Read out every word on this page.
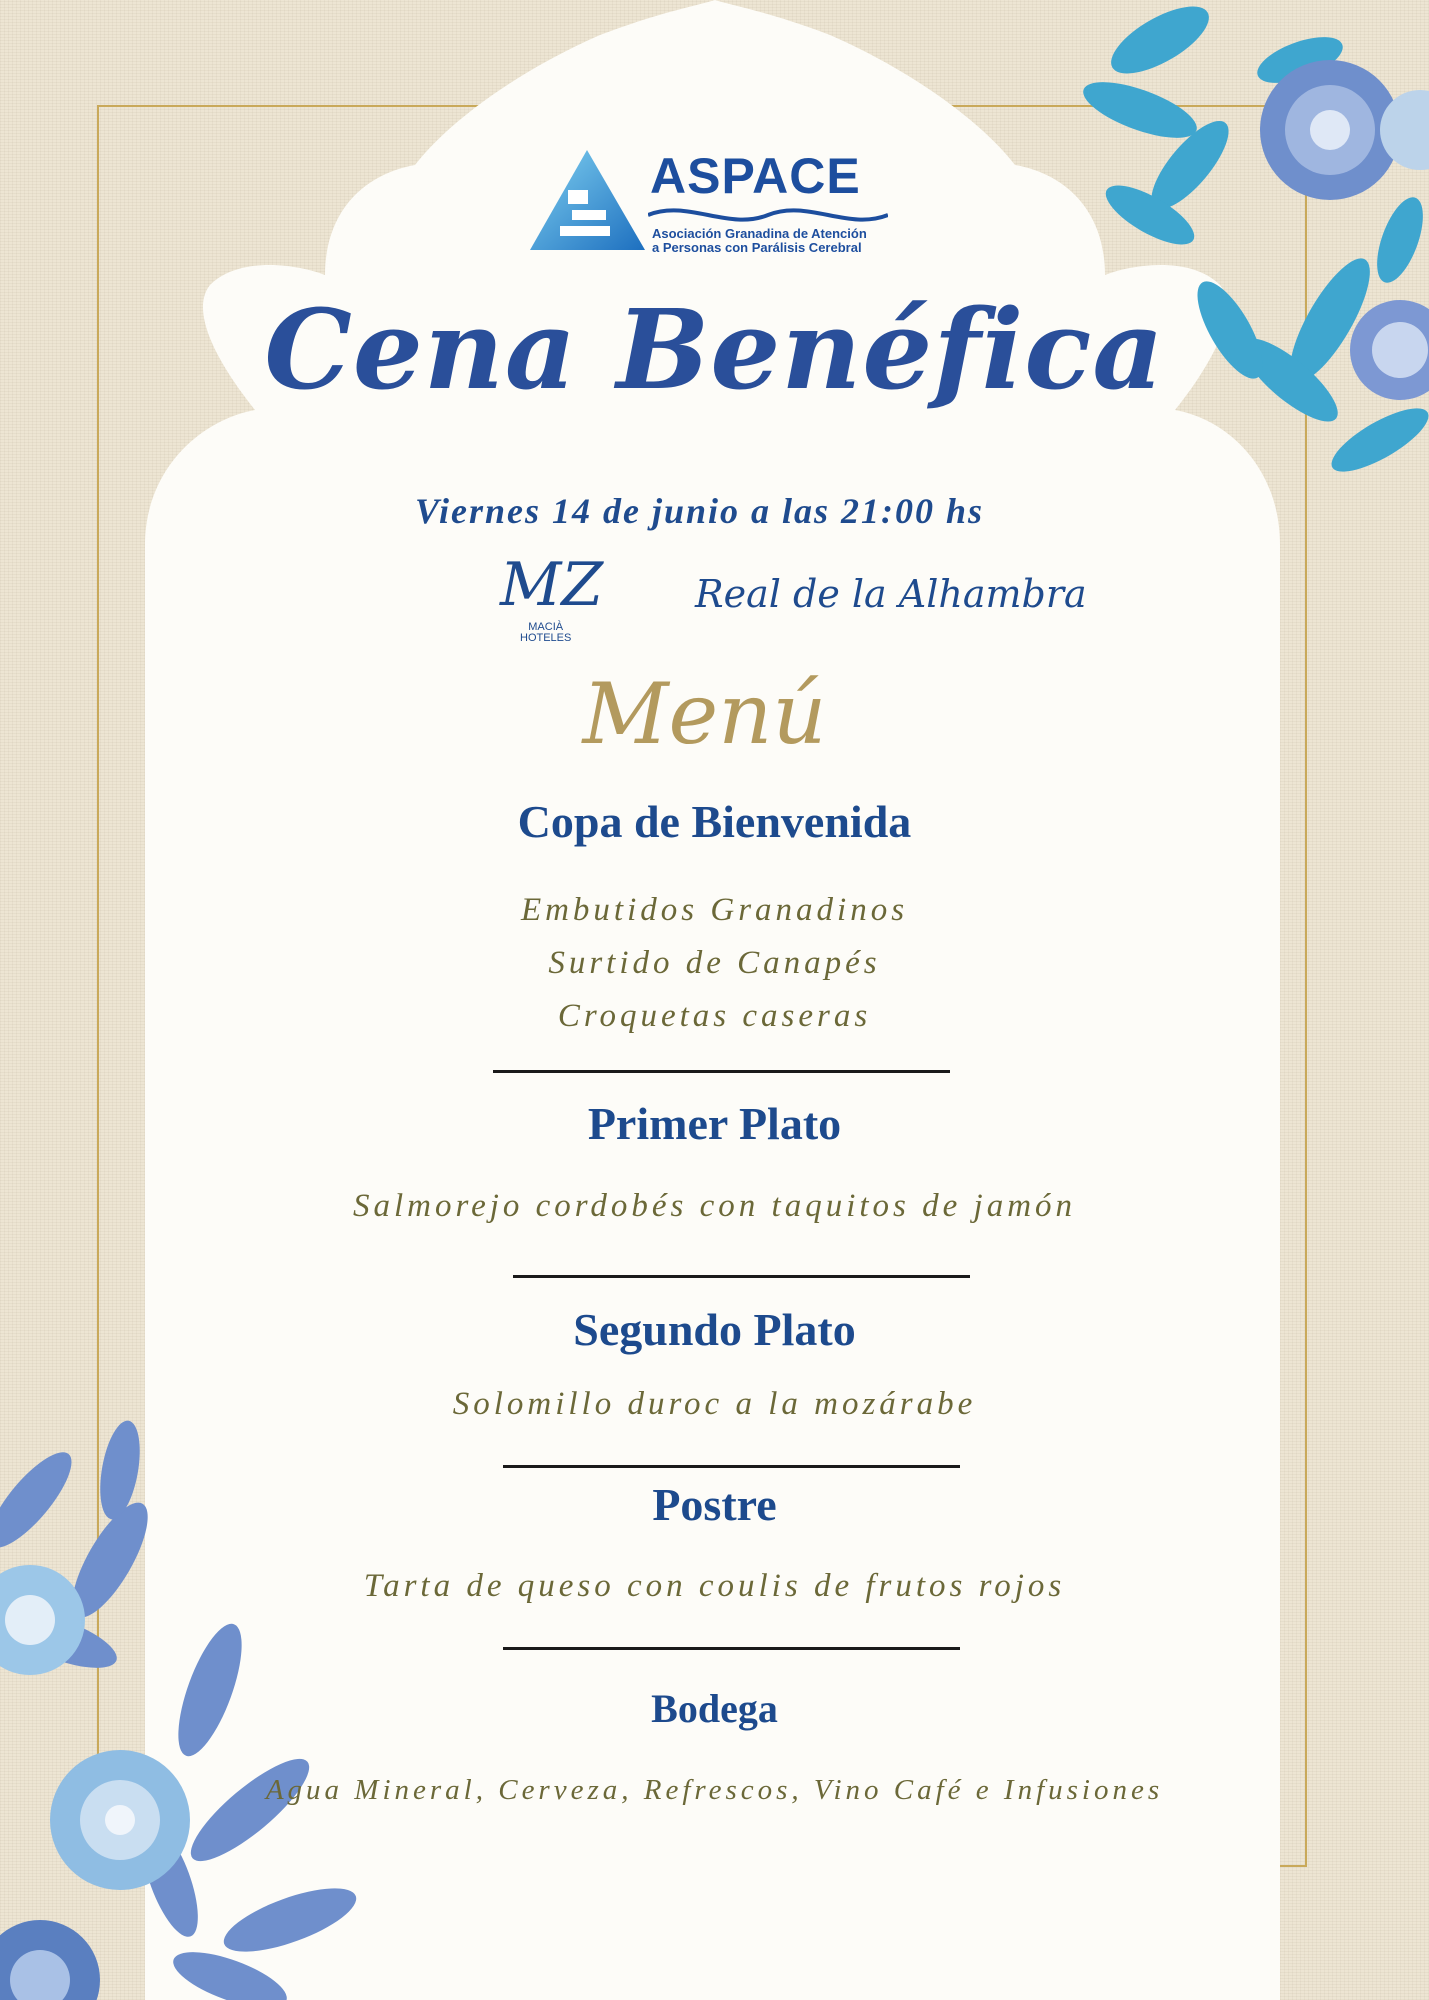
ASPACE
Asociación Granadina de Atención
a Personas con Parálisis Cerebral
Cena Benéfica

Viernes 14 de junio a las 21:00 hs

MZ
MACIÀ
HOTELES
Real de la Alhambra

Menú

Copa de Bienvenida

Embutidos Granadinos

Surtido de Canapés

Croquetas caseras

Primer Plato

Salmorejo cordobés con taquitos de jamón

Segundo Plato

Solomillo duroc a la mozárabe

Postre

Tarta de queso con coulis de frutos rojos

Bodega

Agua Mineral, Cerveza, Refrescos, Vino Café e Infusiones
